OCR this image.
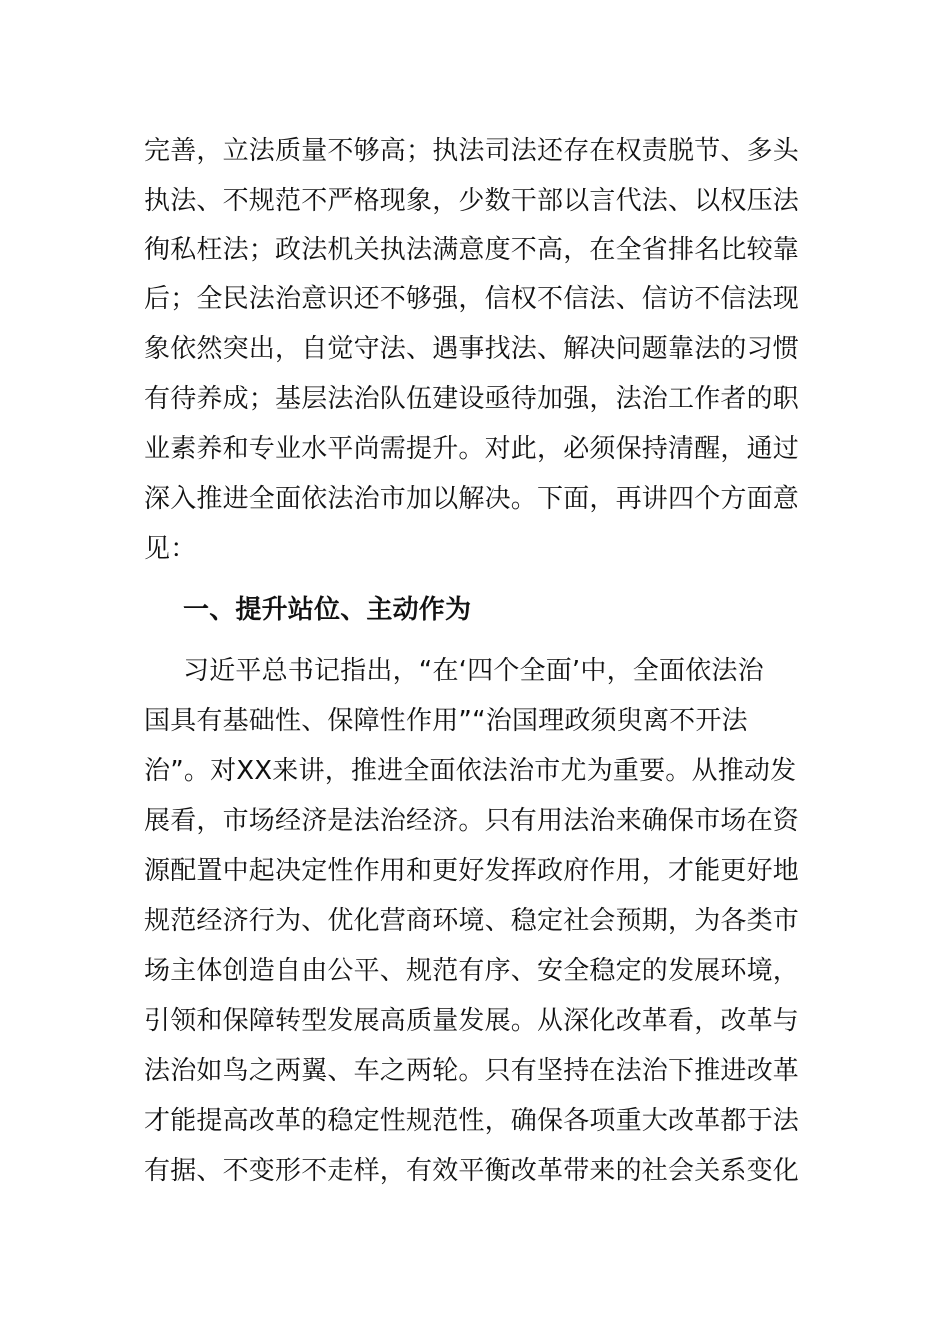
完善，立法质量不够高；执法司法还存在权责脱节、多头
执法、不规范不严格现象，少数干部以言代法、以权压法
徇私枉法；政法机关执法满意度不高，在全省排名比较靠
后；全民法治意识还不够强，信权不信法、信访不信法现
象依然突出，自觉守法、遇事找法、解决问题靠法的习惯
有待养成；基层法治队伍建设亟待加强，法治工作者的职
业素养和专业水平尚需提升。对此，必须保持清醒，通过
深入推进全面依法治市加以解决。下面，再讲四个方面意
见：
一、提升站位、主动作为
习近平总书记指出，“在‘四个全面’中，全面依法治
国具有基础性、保障性作用”“治国理政须臾离不开法
治”。对XX来讲，推进全面依法治市尤为重要。从推动发
展看，市场经济是法治经济。只有用法治来确保市场在资
源配置中起决定性作用和更好发挥政府作用，才能更好地
规范经济行为、优化营商环境、稳定社会预期，为各类市
场主体创造自由公平、规范有序、安全稳定的发展环境，
引领和保障转型发展高质量发展。从深化改革看，改革与
法治如鸟之两翼、车之两轮。只有坚持在法治下推进改革
才能提高改革的稳定性规范性，确保各项重大改革都于法
有据、不变形不走样，有效平衡改革带来的社会关系变化
